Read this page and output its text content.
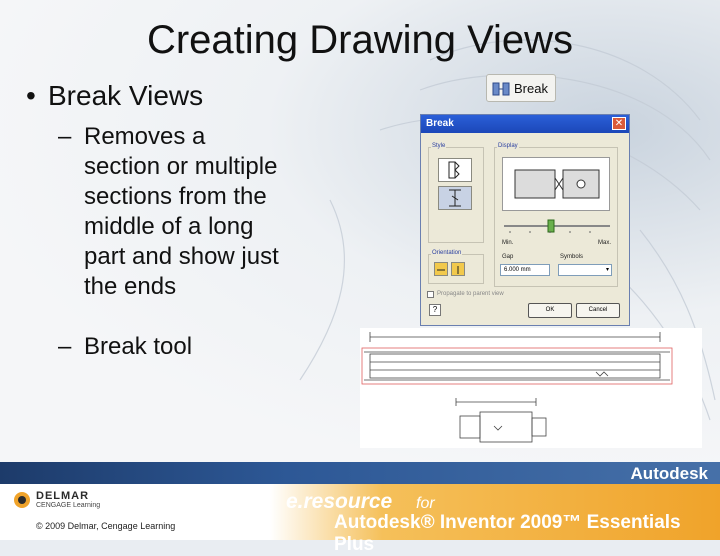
Creating Drawing Views
• Break Views
– Removes a
section or multiple
sections from the
middle of a long
part and show just
the ends
– Break tool
Break
Break	✕
Style	Display
Min.	Max.
Gap
6.000 mm
Symbols
▾
Orientation
Propagate to parent view
?	OK	Cancel
Autodesk
DELMAR
CENGAGE Learning
© 2009 Delmar, Cengage Learning
e.resource for
Autodesk® Inventor 2009™ Essentials Plus
